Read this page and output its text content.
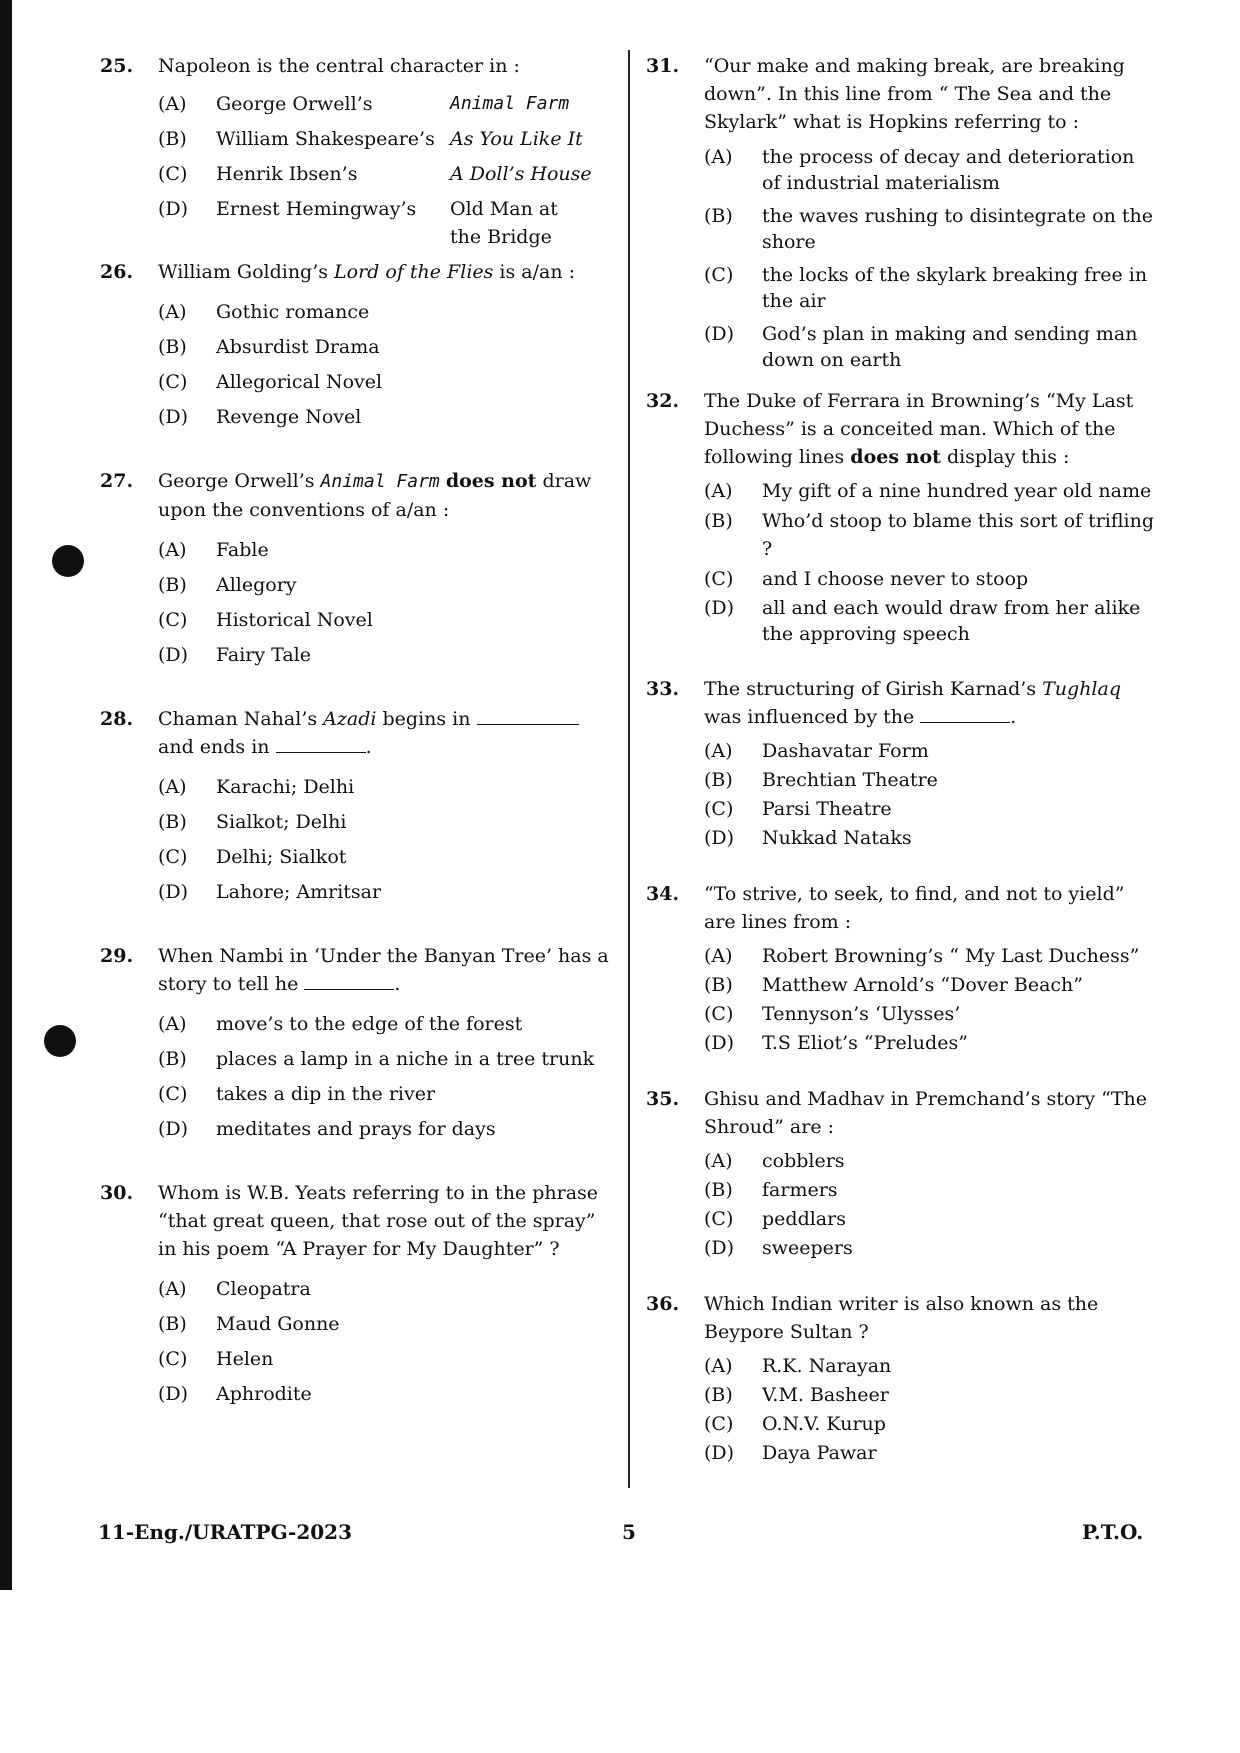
25. Napoleon is the central character in :

(A) George Orwell’s	Animal Farm
(B) William Shakespeare’s As You Like It
(C) Henrik Ibsen’s	A Doll’s House
(D) Ernest Hemingway’s	Old Man at the Bridge
26. William Golding’s Lord of the Flies is a/an :

(A) Gothic romance
(B) Absurdist Drama
(C) Allegorical Novel
(D) Revenge Novel
27. George Orwell’s Animal Farm does not draw upon the conventions of a/an :

(A) Fable
(B) Allegory
(C) Historical Novel
(D) Fairy Tale
28. Chaman Nahal’s Azadi begins in  and ends in	.

(A) Karachi; Delhi
(B) Sialkot; Delhi
(C) Delhi; Sialkot
(D) Lahore; Amritsar
29. When Nambi in ‘Under the Banyan Tree’ has a story to tell he	.

(A) move’s to the edge of the forest
(B) places a lamp in a niche in a tree trunk
(C) takes a dip in the river
(D) meditates and prays for days
30. Whom is W.B. Yeats referring to in the phrase “that great queen, that rose out of the spray” in his poem “A Prayer for My Daughter” ?

(A) Cleopatra
(B) Maud Gonne
(C) Helen
(D) Aphrodite
31. “Our make and making break, are breaking down”. In this line from “ The Sea and the Skylark” what is Hopkins referring to :

(A) the process of decay and deterioration of industrial materialism
(B) the waves rushing to disintegrate on the shore
(C) the locks of the skylark breaking free in the air
(D) God’s plan in making and sending man down on earth
32. The Duke of Ferrara in Browning’s “My Last Duchess” is a conceited man. Which of the following lines does not display this :

(A) My gift of a nine hundred year old name
(B) Who’d stoop to blame this sort of trifling ?
(C) and I choose never to stoop
(D) all and each would draw from her alike the approving speech
33. The structuring of Girish Karnad’s Tughlaq was influenced by the	.

(A) Dashavatar Form
(B) Brechtian Theatre
(C) Parsi Theatre
(D) Nukkad Nataks
34. “To strive, to seek, to find, and not to yield” are lines from :

(A) Robert Browning’s “ My Last Duchess”
(B) Matthew Arnold’s “Dover Beach”
(C) Tennyson’s ‘Ulysses’
(D) T.S Eliot’s “Preludes”
35. Ghisu and Madhav in Premchand’s story “The Shroud” are :

(A) cobblers
(B) farmers
(C) peddlars
(D) sweepers
36. Which Indian writer is also known as the Beypore Sultan ?

(A) R.K. Narayan
(B) V.M. Basheer
(C) O.N.V. Kurup
(D) Daya Pawar
11-Eng./URATPG-2023	5	P.T.O.
